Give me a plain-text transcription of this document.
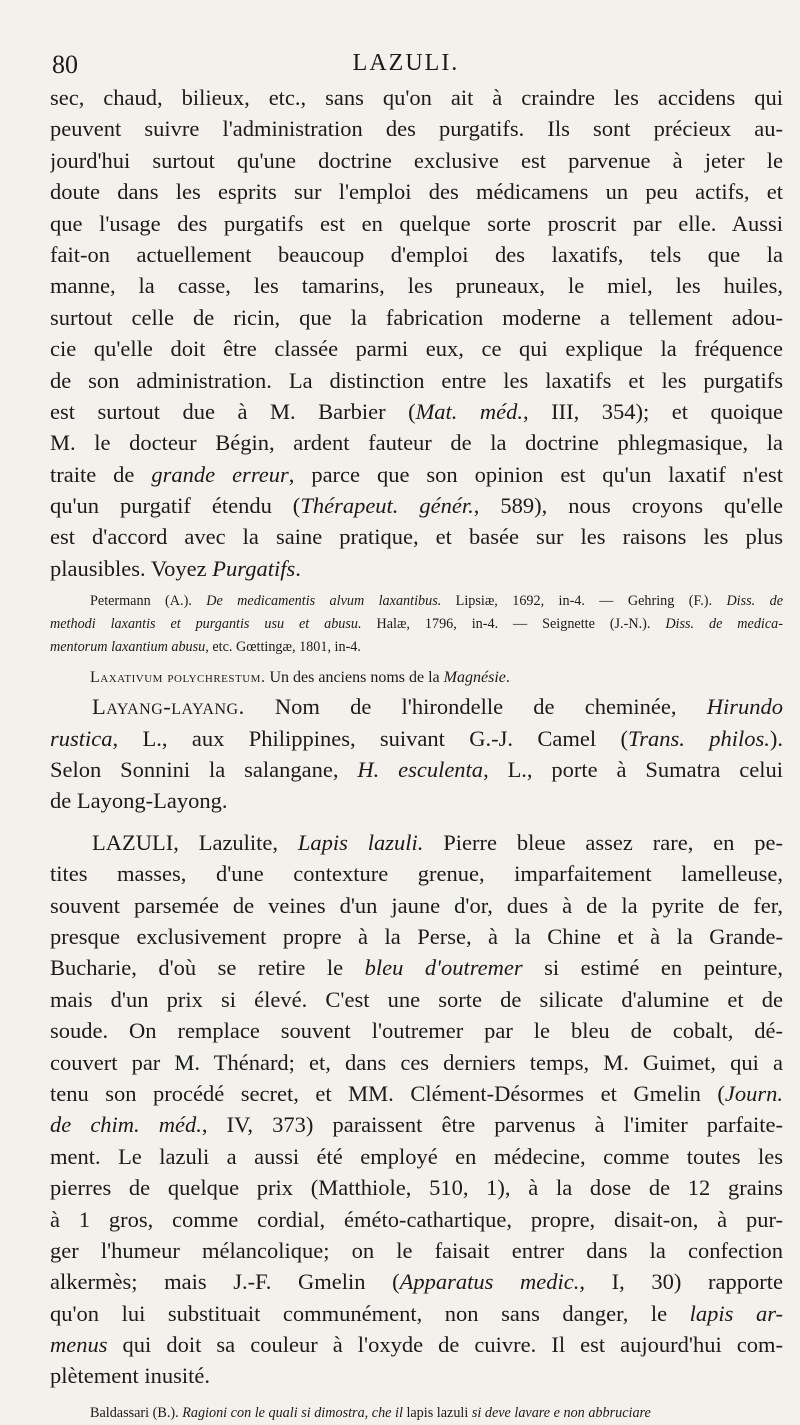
80	LAZULI.
sec, chaud, bilieux, etc., sans qu'on ait à craindre les accidens qui
peuvent suivre l'administration des purgatifs. Ils sont précieux au-
jourd'hui surtout qu'une doctrine exclusive est parvenue à jeter le
doute dans les esprits sur l'emploi des médicamens un peu actifs, et
que l'usage des purgatifs est en quelque sorte proscrit par elle. Aussi
fait-on actuellement beaucoup d'emploi des laxatifs, tels que la
manne, la casse, les tamarins, les pruneaux, le miel, les huiles,
surtout celle de ricin, que la fabrication moderne a tellement adou-
cie qu'elle doit être classée parmi eux, ce qui explique la fréquence
de son administration. La distinction entre les laxatifs et les purgatifs
est surtout due à M. Barbier (Mat. méd., III, 354); et quoique
M. le docteur Bégin, ardent fauteur de la doctrine phlegmasique, la
traite de grande erreur, parce que son opinion est qu'un laxatif n'est
qu'un purgatif étendu (Thérapeut. génér., 589), nous croyons qu'elle
est d'accord avec la saine pratique, et basée sur les raisons les plus
plausibles. Voyez Purgatifs.
Petermann (A.). De medicamentis alvum laxantibus. Lipsiæ, 1692, in-4. — Gehring (F.). Diss. de
methodi laxantis et purgantis usu et abusu. Halæ, 1796, in-4. — Seignette (J.-N.). Diss. de medica-
mentorum laxantium abusu, etc. Gœttingæ, 1801, in-4.
Laxativum polychrestum. Un des anciens noms de la Magnésie.
Layang-layang. Nom de l'hirondelle de cheminée, Hirundo
rustica, L., aux Philippines, suivant G.-J. Camel (Trans. philos.).
Selon Sonnini la salangane, H. esculenta, L., porte à Sumatra celui
de Layong-Layong.
LAZULI, Lazulite, Lapis lazuli. Pierre bleue assez rare, en pe-
tites masses, d'une contexture grenue, imparfaitement lamelleuse,
souvent parsemée de veines d'un jaune d'or, dues à de la pyrite de fer,
presque exclusivement propre à la Perse, à la Chine et à la Grande-
Bucharie, d'où se retire le bleu d'outremer si estimé en peinture,
mais d'un prix si élevé. C'est une sorte de silicate d'alumine et de
soude. On remplace souvent l'outremer par le bleu de cobalt, dé-
couvert par M. Thénard; et, dans ces derniers temps, M. Guimet, qui a
tenu son procédé secret, et MM. Clément-Désormes et Gmelin (Journ.
de chim. méd., IV, 373) paraissent être parvenus à l'imiter parfaite-
ment. Le lazuli a aussi été employé en médecine, comme toutes les
pierres de quelque prix (Matthiole, 510, 1), à la dose de 12 grains
à 1 gros, comme cordial, éméto-cathartique, propre, disait-on, à pur-
ger l'humeur mélancolique; on le faisait entrer dans la confection
alkermès; mais J.-F. Gmelin (Apparatus medic., I, 30) rapporte
qu'on lui substituait communément, non sans danger, le lapis ar-
menus qui doit sa couleur à l'oxyde de cuivre. Il est aujourd'hui com-
plètement inusité.
Baldassari (B.). Ragioni con le quali si dimostra, che il lapis lazuli si deve lavare e non abbruciare
